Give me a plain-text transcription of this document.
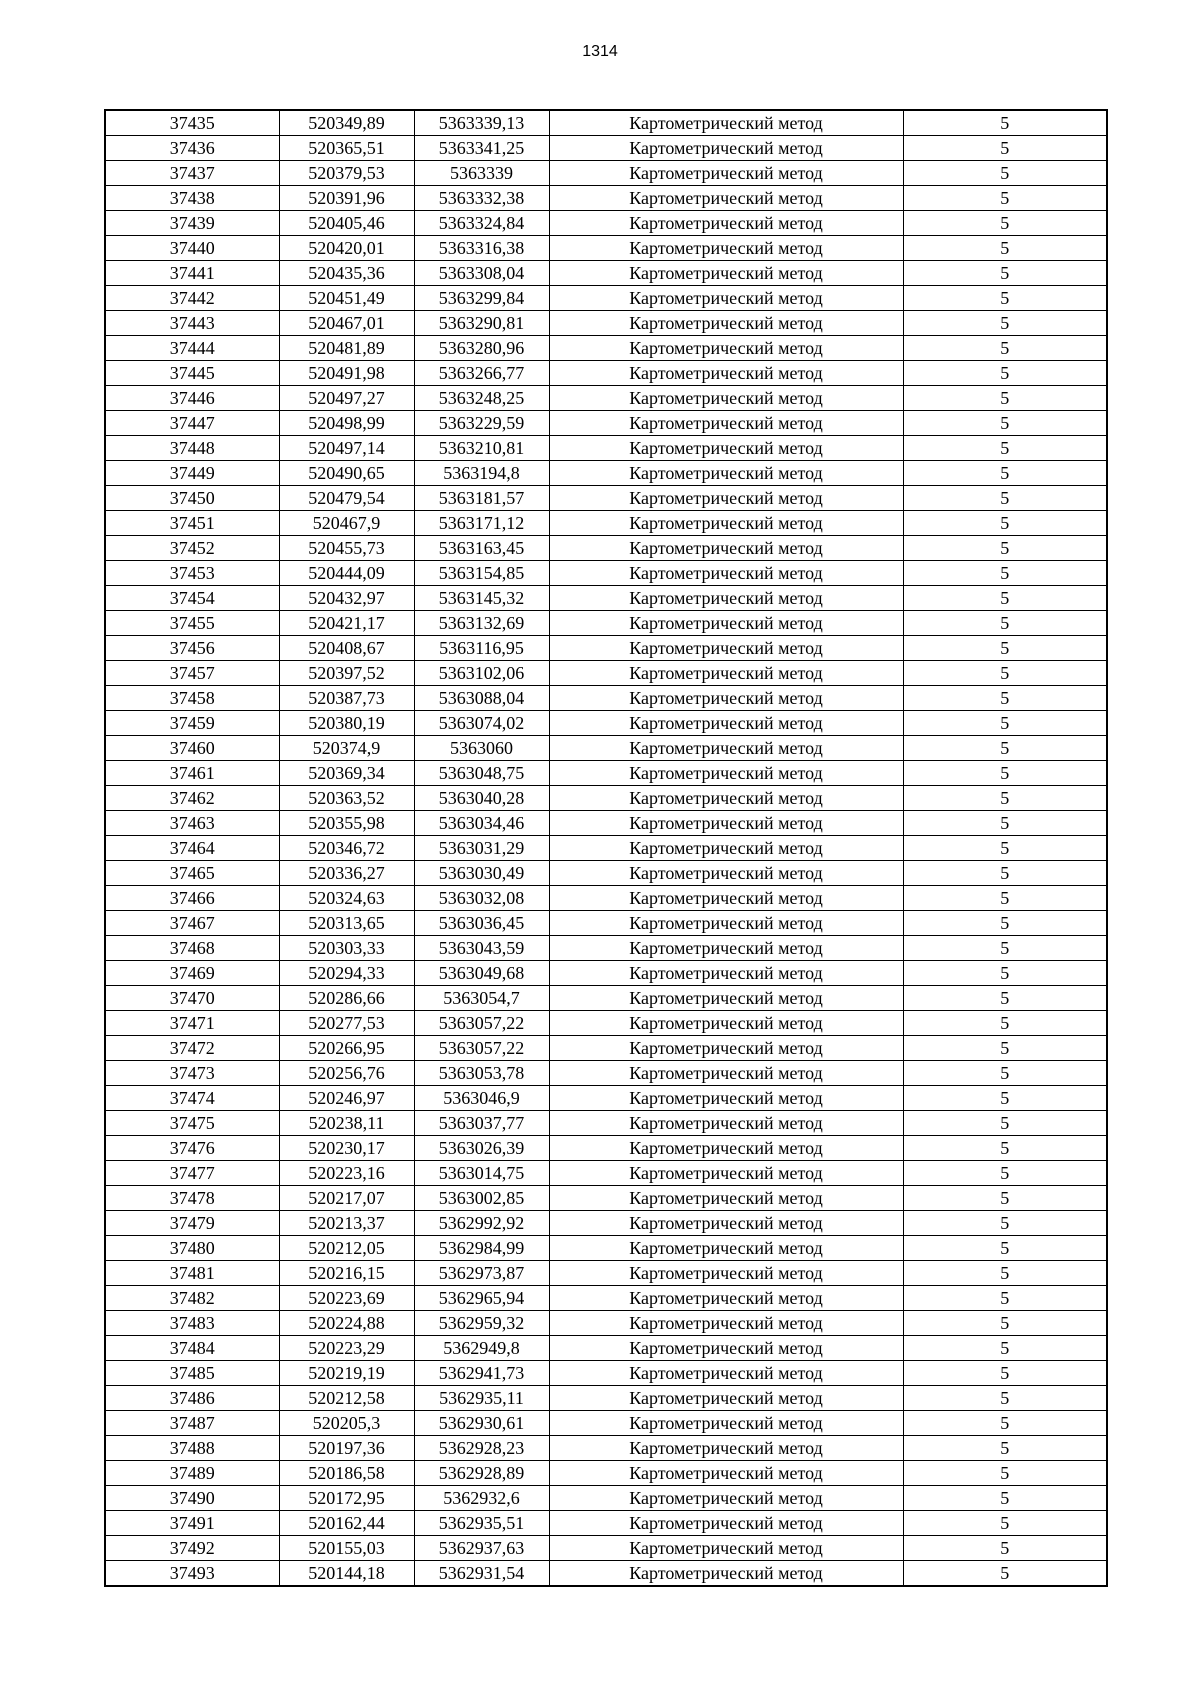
1314
37435	520349,89	5363339,13	Картометрический метод	5
37436	520365,51	5363341,25	Картометрический метод	5
37437	520379,53	5363339	Картометрический метод	5
37438	520391,96	5363332,38	Картометрический метод	5
37439	520405,46	5363324,84	Картометрический метод	5
37440	520420,01	5363316,38	Картометрический метод	5
37441	520435,36	5363308,04	Картометрический метод	5
37442	520451,49	5363299,84	Картометрический метод	5
37443	520467,01	5363290,81	Картометрический метод	5
37444	520481,89	5363280,96	Картометрический метод	5
37445	520491,98	5363266,77	Картометрический метод	5
37446	520497,27	5363248,25	Картометрический метод	5
37447	520498,99	5363229,59	Картометрический метод	5
37448	520497,14	5363210,81	Картометрический метод	5
37449	520490,65	5363194,8	Картометрический метод	5
37450	520479,54	5363181,57	Картометрический метод	5
37451	520467,9	5363171,12	Картометрический метод	5
37452	520455,73	5363163,45	Картометрический метод	5
37453	520444,09	5363154,85	Картометрический метод	5
37454	520432,97	5363145,32	Картометрический метод	5
37455	520421,17	5363132,69	Картометрический метод	5
37456	520408,67	5363116,95	Картометрический метод	5
37457	520397,52	5363102,06	Картометрический метод	5
37458	520387,73	5363088,04	Картометрический метод	5
37459	520380,19	5363074,02	Картометрический метод	5
37460	520374,9	5363060	Картометрический метод	5
37461	520369,34	5363048,75	Картометрический метод	5
37462	520363,52	5363040,28	Картометрический метод	5
37463	520355,98	5363034,46	Картометрический метод	5
37464	520346,72	5363031,29	Картометрический метод	5
37465	520336,27	5363030,49	Картометрический метод	5
37466	520324,63	5363032,08	Картометрический метод	5
37467	520313,65	5363036,45	Картометрический метод	5
37468	520303,33	5363043,59	Картометрический метод	5
37469	520294,33	5363049,68	Картометрический метод	5
37470	520286,66	5363054,7	Картометрический метод	5
37471	520277,53	5363057,22	Картометрический метод	5
37472	520266,95	5363057,22	Картометрический метод	5
37473	520256,76	5363053,78	Картометрический метод	5
37474	520246,97	5363046,9	Картометрический метод	5
37475	520238,11	5363037,77	Картометрический метод	5
37476	520230,17	5363026,39	Картометрический метод	5
37477	520223,16	5363014,75	Картометрический метод	5
37478	520217,07	5363002,85	Картометрический метод	5
37479	520213,37	5362992,92	Картометрический метод	5
37480	520212,05	5362984,99	Картометрический метод	5
37481	520216,15	5362973,87	Картометрический метод	5
37482	520223,69	5362965,94	Картометрический метод	5
37483	520224,88	5362959,32	Картометрический метод	5
37484	520223,29	5362949,8	Картометрический метод	5
37485	520219,19	5362941,73	Картометрический метод	5
37486	520212,58	5362935,11	Картометрический метод	5
37487	520205,3	5362930,61	Картометрический метод	5
37488	520197,36	5362928,23	Картометрический метод	5
37489	520186,58	5362928,89	Картометрический метод	5
37490	520172,95	5362932,6	Картометрический метод	5
37491	520162,44	5362935,51	Картометрический метод	5
37492	520155,03	5362937,63	Картометрический метод	5
37493	520144,18	5362931,54	Картометрический метод	5
